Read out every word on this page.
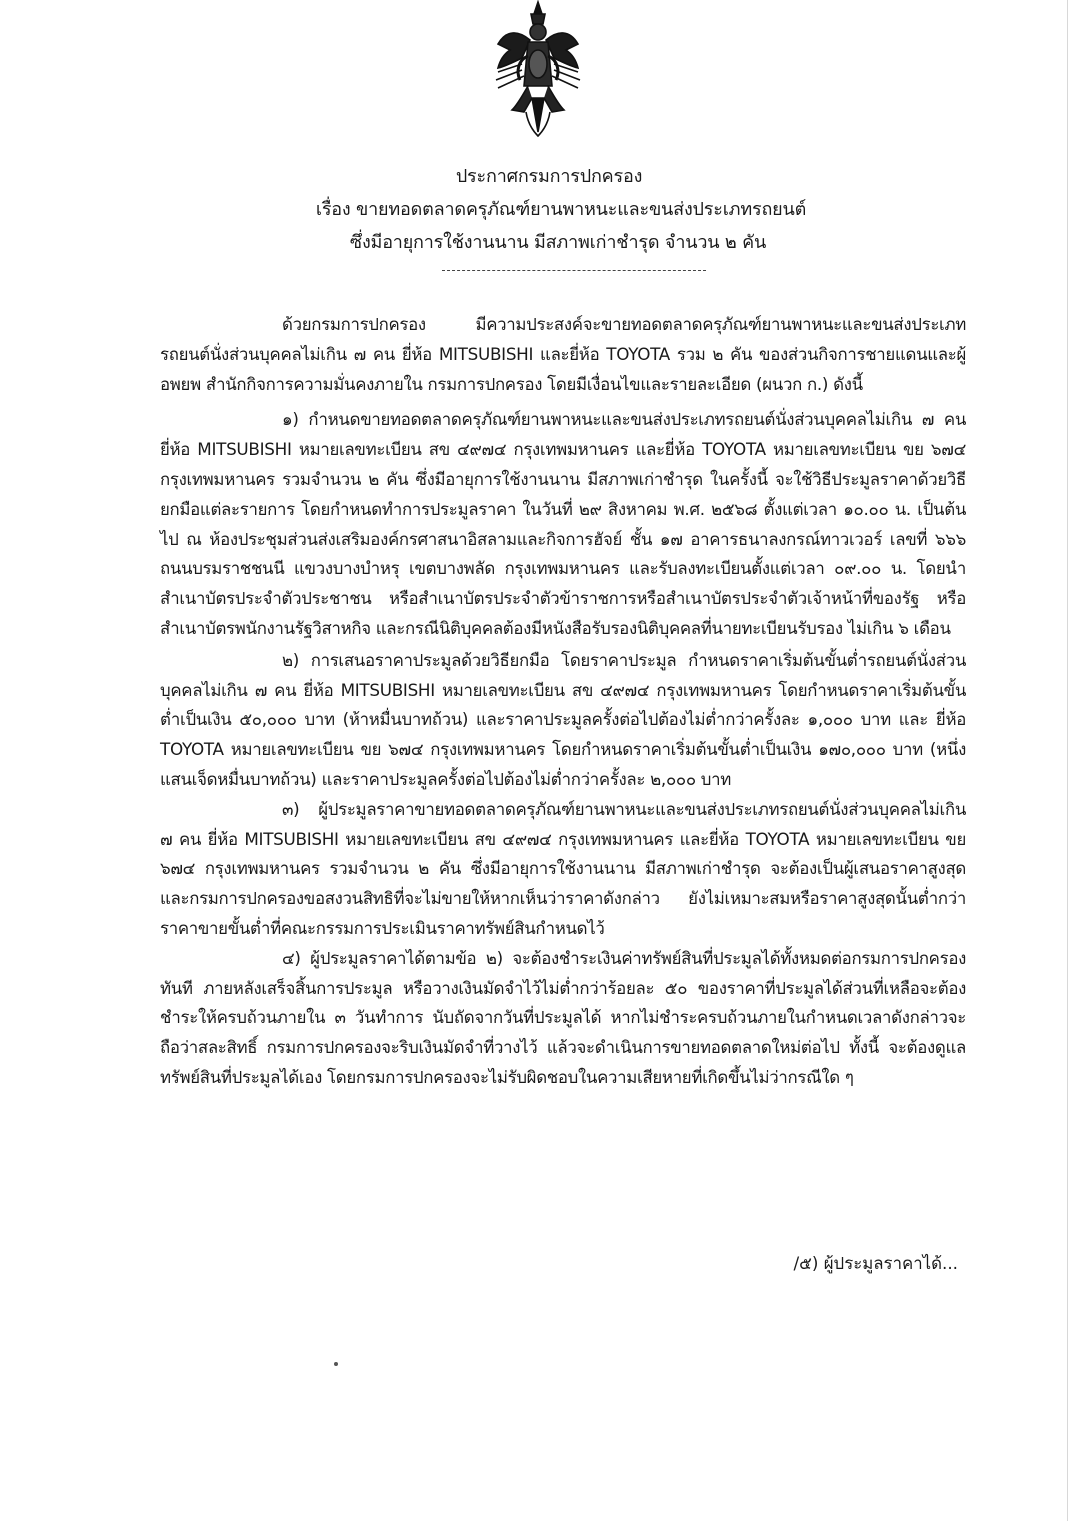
ประกาศกรมการปกครอง
เรื่อง ขายทอดตลาดครุภัณฑ์ยานพาหนะและขนส่งประเภทรถยนต์
ซึ่งมีอายุการใช้งานนาน มีสภาพเก่าชำรุด จำนวน ๒ คัน

ด้วยกรมการปกครอง มีความประสงค์จะขายทอดตลาดครุภัณฑ์ยานพาหนะและขนส่งประเภทรถยนต์นั่งส่วนบุคคลไม่เกิน ๗ คน ยี่ห้อ MITSUBISHI และยี่ห้อ TOYOTA รวม ๒ คัน ของส่วนกิจการชายแดนและผู้อพยพ สำนักกิจการความมั่นคงภายใน กรมการปกครอง โดยมีเงื่อนไขและรายละเอียด (ผนวก ก.) ดังนี้

๑) กำหนดขายทอดตลาดครุภัณฑ์ยานพาหนะและขนส่งประเภทรถยนต์นั่งส่วนบุคคลไม่เกิน ๗ คน ยี่ห้อ MITSUBISHI หมายเลขทะเบียน สข ๔๙๗๔ กรุงเทพมหานคร และยี่ห้อ TOYOTA หมายเลขทะเบียน ขย ๖๗๔ กรุงเทพมหานคร รวมจำนวน ๒ คัน ซึ่งมีอายุการใช้งานนาน มีสภาพเก่าชำรุด ในครั้งนี้ จะใช้วิธีประมูลราคาด้วยวิธียกมือแต่ละรายการ โดยกำหนดทำการประมูลราคา ในวันที่ ๒๙ สิงหาคม พ.ศ. ๒๕๖๘ ตั้งแต่เวลา ๑๐.๐๐ น. เป็นต้นไป ณ ห้องประชุมส่วนส่งเสริมองค์กรศาสนาอิสลามและกิจการฮัจย์ ชั้น ๑๗ อาคารธนาลงกรณ์ทาวเวอร์ เลขที่ ๖๖๖ ถนนบรมราชชนนี แขวงบางบำหรุ เขตบางพลัด กรุงเทพมหานคร และรับลงทะเบียนตั้งแต่เวลา ๐๙.๐๐ น. โดยนำสำเนาบัตรประจำตัวประชาชน หรือสำเนาบัตรประจำตัวข้าราชการหรือสำเนาบัตรประจำตัวเจ้าหน้าที่ของรัฐ หรือสำเนาบัตรพนักงานรัฐวิสาหกิจ และกรณีนิติบุคคลต้องมีหนังสือรับรองนิติบุคคลที่นายทะเบียนรับรอง ไม่เกิน ๖ เดือน

๒) การเสนอราคาประมูลด้วยวิธียกมือ โดยราคาประมูล กำหนดราคาเริ่มต้นขั้นต่ำรถยนต์นั่งส่วนบุคคลไม่เกิน ๗ คน ยี่ห้อ MITSUBISHI หมายเลขทะเบียน สข ๔๙๗๔ กรุงเทพมหานคร โดยกำหนดราคาเริ่มต้นขั้นต่ำเป็นเงิน ๕๐,๐๐๐ บาท (ห้าหมื่นบาทถ้วน) และราคาประมูลครั้งต่อไปต้องไม่ต่ำกว่าครั้งละ ๑,๐๐๐ บาท และ ยี่ห้อ TOYOTA หมายเลขทะเบียน ขย ๖๗๔ กรุงเทพมหานคร โดยกำหนดราคาเริ่มต้นขั้นต่ำเป็นเงิน ๑๗๐,๐๐๐ บาท (หนึ่งแสนเจ็ดหมื่นบาทถ้วน) และราคาประมูลครั้งต่อไปต้องไม่ต่ำกว่าครั้งละ ๒,๐๐๐ บาท

๓) ผู้ประมูลราคาขายทอดตลาดครุภัณฑ์ยานพาหนะและขนส่งประเภทรถยนต์นั่งส่วนบุคคลไม่เกิน ๗ คน ยี่ห้อ MITSUBISHI หมายเลขทะเบียน สข ๔๙๗๔ กรุงเทพมหานคร และยี่ห้อ TOYOTA หมายเลขทะเบียน ขย ๖๗๔ กรุงเทพมหานคร รวมจำนวน ๒ คัน ซึ่งมีอายุการใช้งานนาน มีสภาพเก่าชำรุด จะต้องเป็นผู้เสนอราคาสูงสุด และกรมการปกครองขอสงวนสิทธิที่จะไม่ขายให้หากเห็นว่าราคาดังกล่าว ยังไม่เหมาะสมหรือราคาสูงสุดนั้นต่ำกว่าราคาขายขั้นต่ำที่คณะกรรมการประเมินราคาทรัพย์สินกำหนดไว้

๔) ผู้ประมูลราคาได้ตามข้อ ๒) จะต้องชำระเงินค่าทรัพย์สินที่ประมูลได้ทั้งหมดต่อกรมการปกครองทันที ภายหลังเสร็จสิ้นการประมูล หรือวางเงินมัดจำไว้ไม่ต่ำกว่าร้อยละ ๕๐ ของราคาที่ประมูลได้ส่วนที่เหลือจะต้องชำระให้ครบถ้วนภายใน ๓ วันทำการ นับถัดจากวันที่ประมูลได้ หากไม่ชำระครบถ้วนภายในกำหนดเวลาดังกล่าวจะถือว่าสละสิทธิ์ กรมการปกครองจะริบเงินมัดจำที่วางไว้ แล้วจะดำเนินการขายทอดตลาดใหม่ต่อไป ทั้งนี้ จะต้องดูแลทรัพย์สินที่ประมูลได้เอง โดยกรมการปกครองจะไม่รับผิดชอบในความเสียหายที่เกิดขึ้นไม่ว่ากรณีใด ๆ

/๕) ผู้ประมูลราคาได้...
